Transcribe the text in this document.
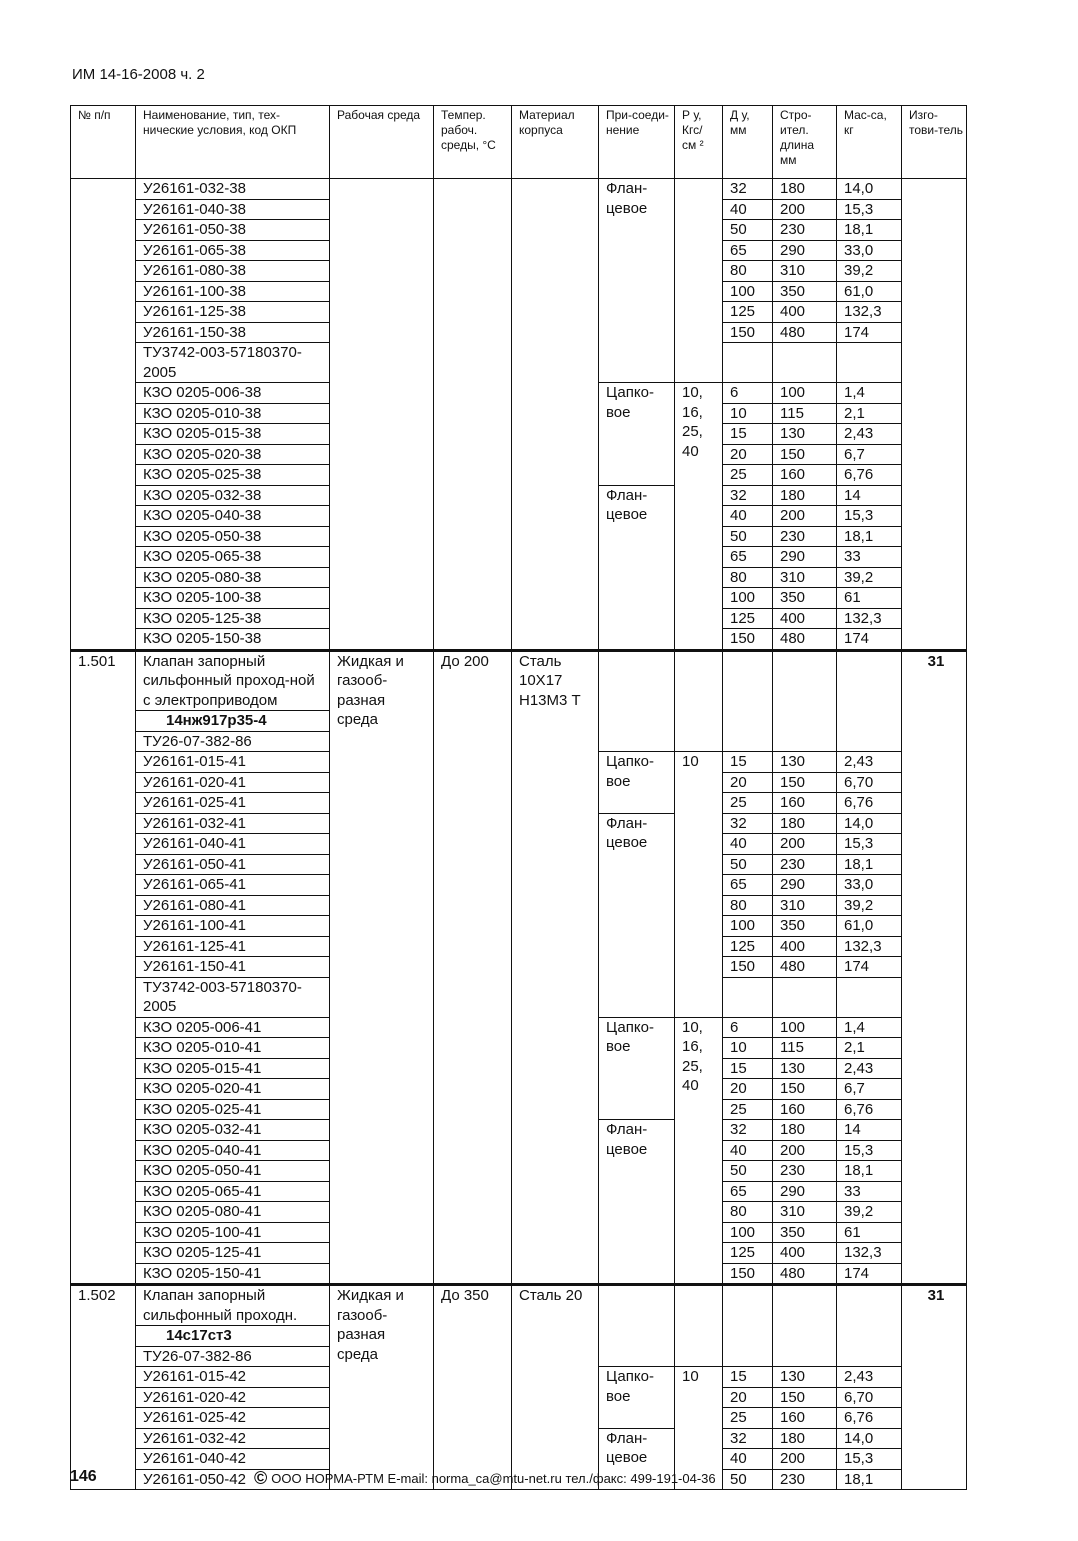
ИМ 14-16-2008 ч. 2
№ п/п	Наименование, тип, тех-нические условия, код ОКП	Рабочая среда	Темпер. рабоч. среды, °С	Материал корпуса	При-соеди-нение	Р у, Кгс/ см ²	Д у, мм	Стро-ител. длина мм	Мас-са, кг	Изго-тови-тель
	У26161-032-38				Флан-цевое		32	180	14,0	
	У26161-040-38						40	200	15,3	
	У26161-050-38						50	230	18,1	
	У26161-065-38						65	290	33,0	
	У26161-080-38						80	310	39,2	
	У26161-100-38						100	350	61,0	
	У26161-125-38						125	400	132,3	
	У26161-150-38						150	480	174	
	ТУ3742-003-57180370-2005									
	КЗО 0205-006-38				Цапко-вое	10, 16, 25, 40	6	100	1,4	
	КЗО 0205-010-38						10	115	2,1	
	КЗО 0205-015-38						15	130	2,43	
	КЗО 0205-020-38						20	150	6,7	
	КЗО 0205-025-38						25	160	6,76	
	КЗО 0205-032-38				Флан-цевое		32	180	14	
	КЗО 0205-040-38						40	200	15,3	
	КЗО 0205-050-38						50	230	18,1	
	КЗО 0205-065-38						65	290	33	
	КЗО 0205-080-38						80	310	39,2	
	КЗО 0205-100-38						100	350	61	
	КЗО 0205-125-38						125	400	132,3	
	КЗО 0205-150-38						150	480	174	
1.501	Клапан запорный сильфонный проход-ной с электроприводом	Жидкая и газооб-разная среда	До 200	Сталь 10Х17 Н13М3 Т						31
	14нж917р35-4									
	ТУ26-07-382-86									
	У26161-015-41				Цапко-вое	10	15	130	2,43	
	У26161-020-41						20	150	6,70	
	У26161-025-41						25	160	6,76	
	У26161-032-41				Флан-цевое		32	180	14,0	
	У26161-040-41						40	200	15,3	
	У26161-050-41						50	230	18,1	
	У26161-065-41						65	290	33,0	
	У26161-080-41						80	310	39,2	
	У26161-100-41						100	350	61,0	
	У26161-125-41						125	400	132,3	
	У26161-150-41						150	480	174	
	ТУ3742-003-57180370-2005									
	КЗО 0205-006-41				Цапко-вое	10, 16, 25, 40	6	100	1,4	
	КЗО 0205-010-41						10	115	2,1	
	КЗО 0205-015-41						15	130	2,43	
	КЗО 0205-020-41						20	150	6,7	
	КЗО 0205-025-41						25	160	6,76	
	КЗО 0205-032-41				Флан-цевое		32	180	14	
	КЗО 0205-040-41						40	200	15,3	
	КЗО 0205-050-41						50	230	18,1	
	КЗО 0205-065-41						65	290	33	
	КЗО 0205-080-41						80	310	39,2	
	КЗО 0205-100-41						100	350	61	
	КЗО 0205-125-41						125	400	132,3	
	КЗО 0205-150-41						150	480	174	
1.502	Клапан запорный сильфонный проходн.	Жидкая и газооб-разная среда	До 350	Сталь 20						31
	14с17ст3									
	ТУ26-07-382-86									
	У26161-015-42				Цапко-вое	10	15	130	2,43	
	У26161-020-42						20	150	6,70	
	У26161-025-42						25	160	6,76	
	У26161-032-42				Флан-цевое		32	180	14,0	
	У26161-040-42						40	200	15,3	
	У26161-050-42						50	230	18,1	
146	© ООО НОРМА-РТМ E-mail: norma_ca@mtu-net.ru тел./факс: 499-191-04-36
